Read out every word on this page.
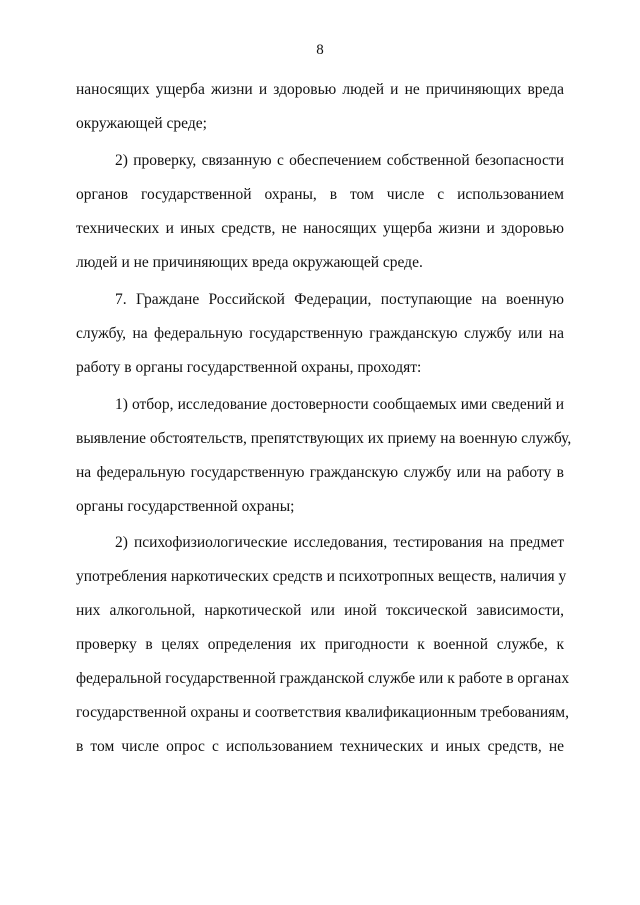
8
наносящих ущерба жизни и здоровью людей и не причиняющих вреда
окружающей среде;
2) проверку, связанную с обеспечением собственной безопасности
органов государственной охраны, в том числе с использованием
технических и иных средств, не наносящих ущерба жизни и здоровью
людей и не причиняющих вреда окружающей среде.
7. Граждане Российской Федерации, поступающие на военную
службу, на федеральную государственную гражданскую службу или на
работу в органы государственной охраны, проходят:
1) отбор, исследование достоверности сообщаемых ими сведений и
выявление обстоятельств, препятствующих их приему на военную службу,
на федеральную государственную гражданскую службу или на работу в
органы государственной охраны;
2) психофизиологические исследования, тестирования на предмет
употребления наркотических средств и психотропных веществ, наличия у
них алкогольной, наркотической или иной токсической зависимости,
проверку в целях определения их пригодности к военной службе, к
федеральной государственной гражданской службе или к работе в органах
государственной охраны и соответствия квалификационным требованиям,
в том числе опрос с использованием технических и иных средств, не
